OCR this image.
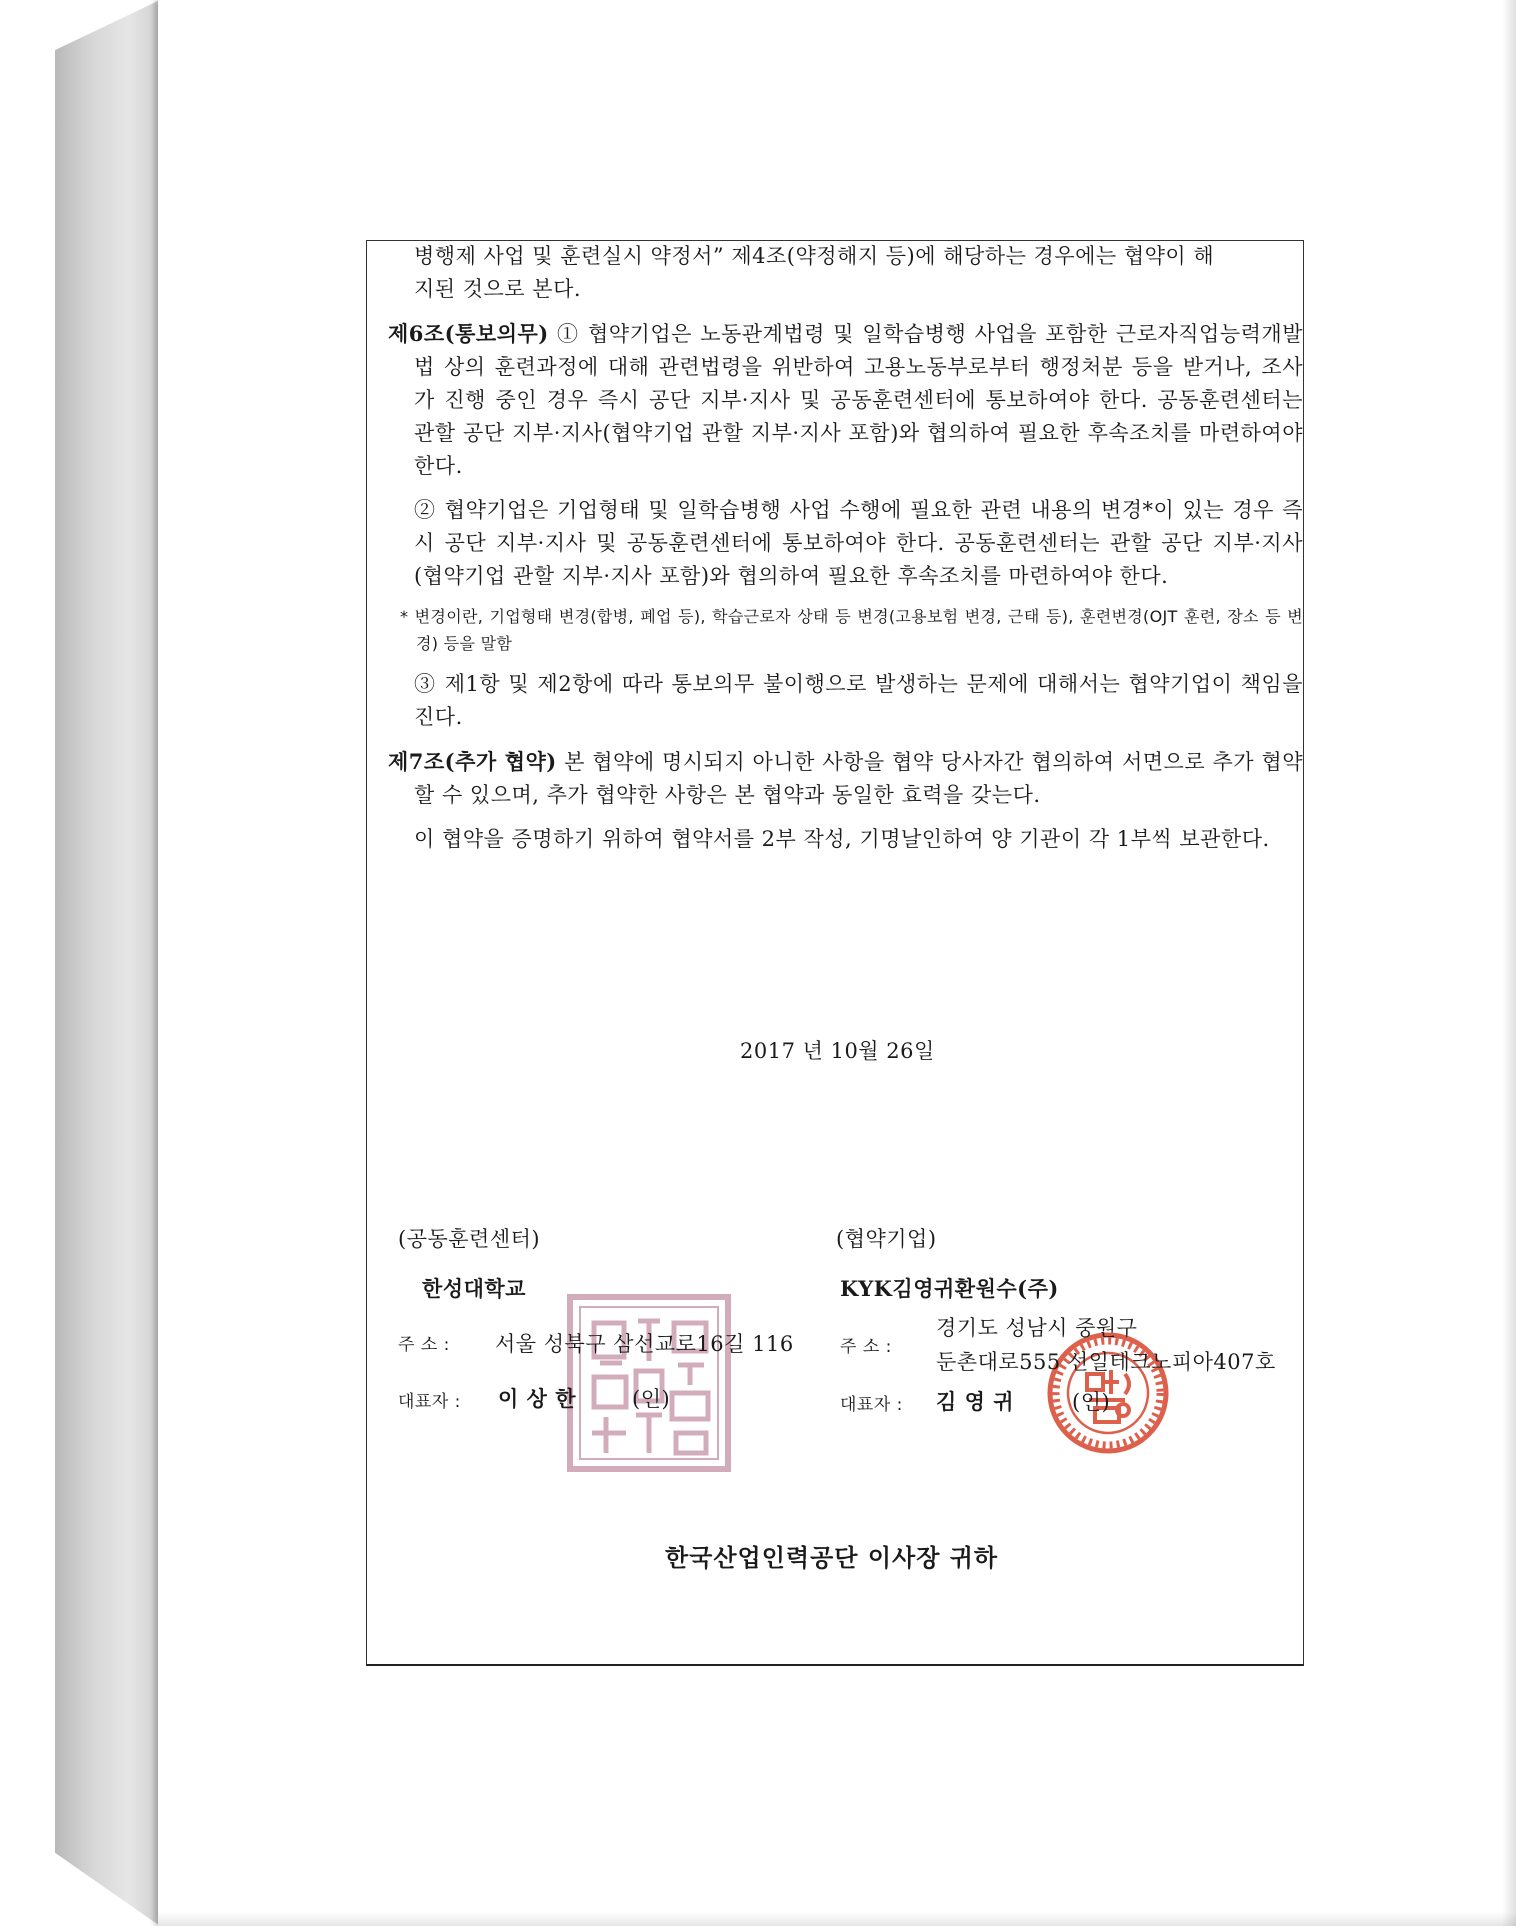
병행제 사업 및 훈련실시 약정서” 제4조(약정해지 등)에 해당하는 경우에는 협약이 해

지된 것으로 본다.

제6조(통보의무) ① 협약기업은 노동관계법령 및 일학습병행 사업을 포함한 근로자직업능력개발법 상의 훈련과정에 대해 관련법령을 위반하여 고용노동부로부터 행정처분 등을 받거나, 조사가 진행 중인 경우 즉시 공단 지부·지사 및 공동훈련센터에 통보하여야 한다. 공동훈련센터는 관할 공단 지부·지사(협약기업 관할 지부·지사 포함)와 협의하여 필요한 후속조치를 마련하여야 한다.

② 협약기업은 기업형태 및 일학습병행 사업 수행에 필요한 관련 내용의 변경*이 있는 경우 즉시 공단 지부·지사 및 공동훈련센터에 통보하여야 한다. 공동훈련센터는 관할 공단 지부·지사(협약기업 관할 지부·지사 포함)와 협의하여 필요한 후속조치를 마련하여야 한다.

* 변경이란, 기업형태 변경(합병, 폐업 등), 학습근로자 상태 등 변경(고용보험 변경, 근태 등), 훈련변경(OJT 훈련, 장소 등 변경) 등을 말함

③ 제1항 및 제2항에 따라 통보의무 불이행으로 발생하는 문제에 대해서는 협약기업이 책임을 진다.

제7조(추가 협약) 본 협약에 명시되지 아니한 사항을 협약 당사자간 협의하여 서면으로 추가 협약할 수 있으며, 추가 협약한 사항은 본 협약과 동일한 효력을 갖는다.

이 협약을 증명하기 위하여 협약서를 2부 작성, 기명날인하여 양 기관이 각 1부씩 보관한다.

2017 년 10월 26일
(공동훈련센터)
한성대학교
주 소 : 서울 성북구 삼선교로16길 116
대표자 : 이 상 한	(인)
(협약기업)
KYK김영귀환원수(주)
주 소 :
경기도 성남시 중원구
둔촌대로555 선일테크노피아407호
대표자 : 김 영 귀	(인)
한국산업인력공단 이사장 귀하
